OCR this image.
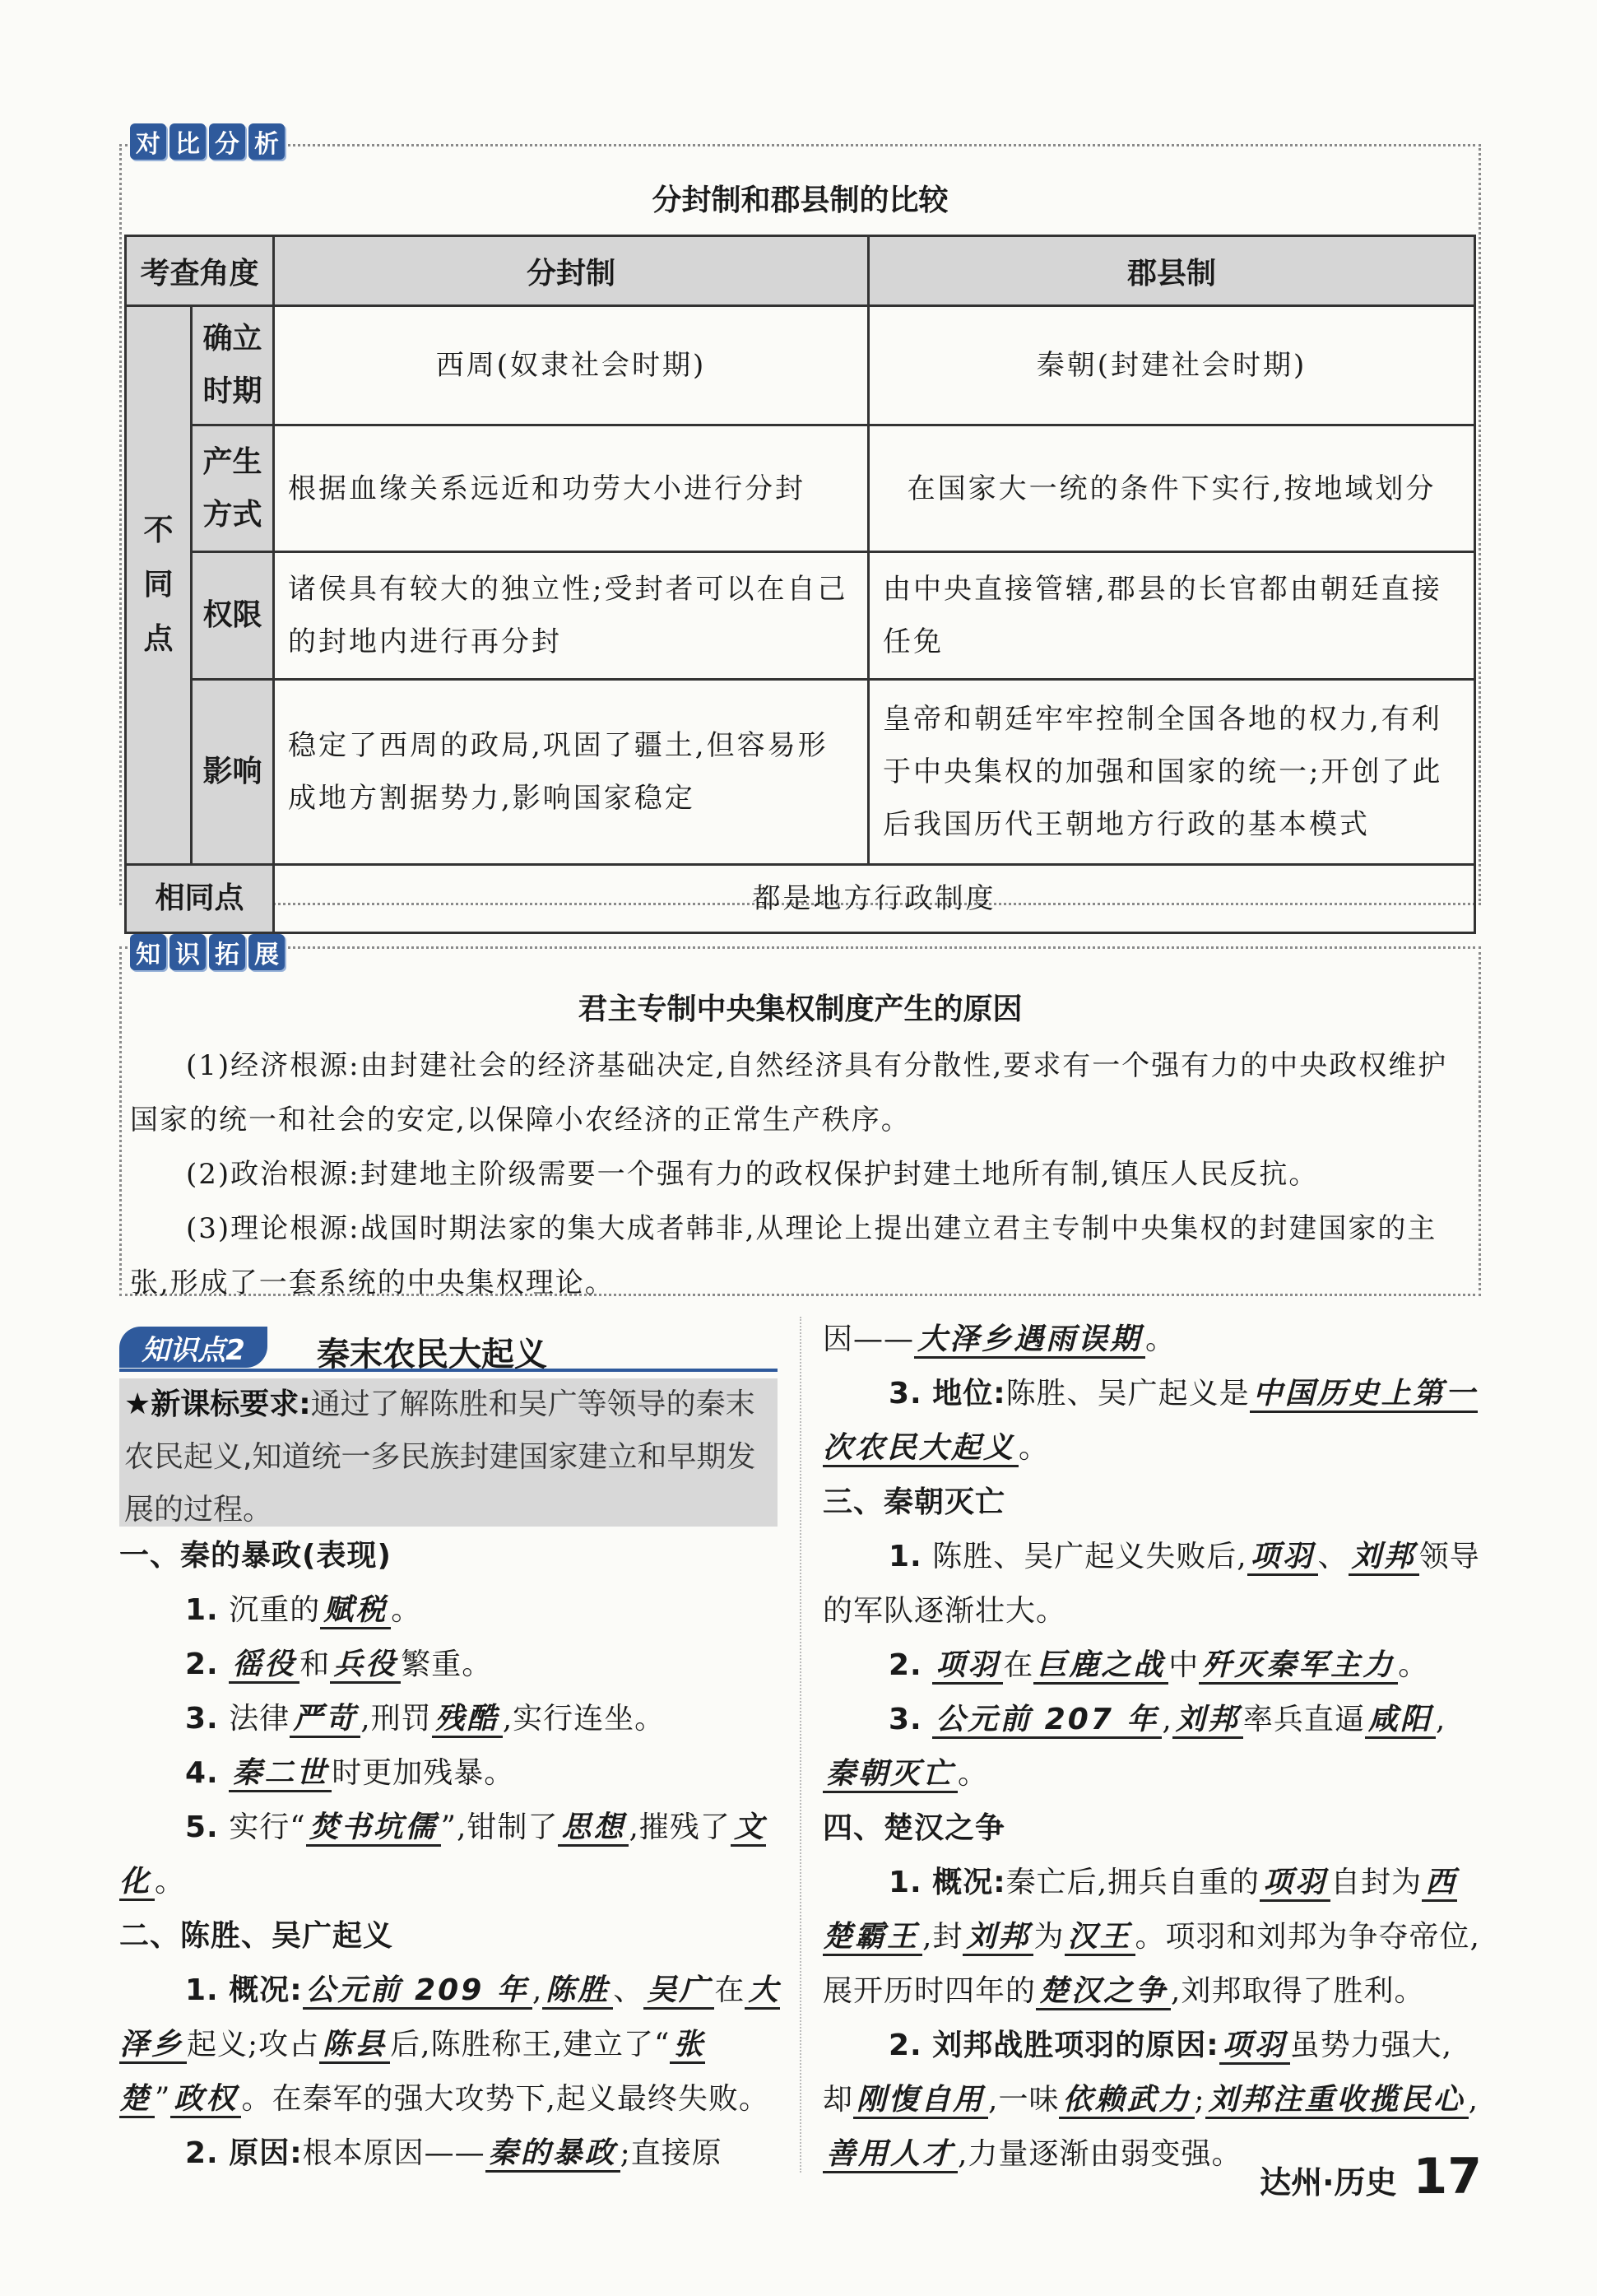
对 比 分 析
分封制和郡县制的比较
考查角度		分封制	郡县制
不同点	确立时期	西周(奴隶社会时期)	秦朝(封建社会时期)
	产生方式	根据血缘关系远近和功劳大小进行分封	在国家大一统的条件下实行,按地域划分
	权限	诸侯具有较大的独立性;受封者可以在自己的封地内进行再分封	由中央直接管辖,郡县的长官都由朝廷直接任免
	影响	稳定了西周的政局,巩固了疆土,但容易形成地方割据势力,影响国家稳定	皇帝和朝廷牢牢控制全国各地的权力,有利于中央集权的加强和国家的统一;开创了此后我国历代王朝地方行政的基本模式
相同点		都是地方行政制度	
知 识 拓 展
君主专制中央集权制度产生的原因

(1)经济根源:由封建社会的经济基础决定,自然经济具有分散性,要求有一个强有力的中央政权维护国家的统一和社会的安定,以保障小农经济的正常生产秩序。

(2)政治根源:封建地主阶级需要一个强有力的政权保护封建土地所有制,镇压人民反抗。

(3)理论根源:战国时期法家的集大成者韩非,从理论上提出建立君主专制中央集权的封建国家的主张,形成了一套系统的中央集权理论。

知识点2	秦末农民大起义
★新课标要求:通过了解陈胜和吴广等领导的秦末农民起义,知道统一多民族封建国家建立和早期发展的过程。
一、秦的暴政(表现)
1. 沉重的 赋税 。
2. 徭役 和 兵役 繁重。
3. 法律 严苛 ,刑罚 残酷 ,实行连坐。
4. 秦二世 时更加残暴。
5. 实行“ 焚书坑儒 ”,钳制了 思想 ,摧残了 文化 。
二、陈胜、吴广起义
1. 概况: 公元前 209 年 , 陈胜 、 吴广 在 大泽乡 起义;攻占 陈县 后,陈胜称王,建立了“ 张楚 ” 政权 。在秦军的强大攻势下,起义最终失败。
2. 原因:根本原因—— 秦的暴政 ;直接原
因—— 大泽乡遇雨误期 。
3. 地位:陈胜、吴广起义是 中国历史上第一次农民大起义 。
三、秦朝灭亡
1. 陈胜、吴广起义失败后, 项羽 、 刘邦 领导的军队逐渐壮大。
2. 项羽 在 巨鹿之战 中 歼灭秦军主力 。
3. 公元前 207 年 , 刘邦 率兵直逼 咸阳 ,秦朝灭亡 。
四、楚汉之争
1. 概况:秦亡后,拥兵自重的 项羽 自封为 西楚霸王 ,封 刘邦 为 汉王 。项羽和刘邦为争夺帝位,展开历时四年的 楚汉之争 ,刘邦取得了胜利。
2. 刘邦战胜项羽的原因: 项羽 虽势力强大,却 刚愎自用 ,一味 依赖武力 ; 刘邦注重收揽民心 ,善用人才 ,力量逐渐由弱变强。
达州·历史 17
